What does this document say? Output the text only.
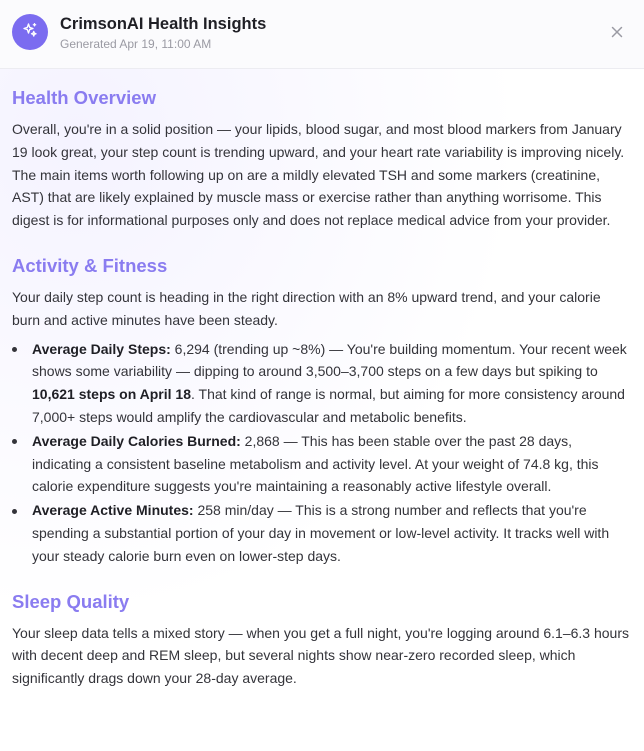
CrimsonAI Health Insights
Generated Apr 19, 11:00 AM
Health Overview

Overall, you're in a solid position — your lipids, blood sugar, and most blood markers from January 19 look great, your step count is trending upward, and your heart rate variability is improving nicely. The main items worth following up on are a mildly elevated TSH and some markers (creatinine, AST) that are likely explained by muscle mass or exercise rather than anything worrisome. This digest is for informational purposes only and does not replace medical advice from your provider.

Activity & Fitness

Your daily step count is heading in the right direction with an 8% upward trend, and your calorie burn and active minutes have been steady.

Average Daily Steps: 6,294 (trending up ~8%) — You're building momentum. Your recent week shows some variability — dipping to around 3,500–3,700 steps on a few days but spiking to 10,621 steps on April 18. That kind of range is normal, but aiming for more consistency around 7,000+ steps would amplify the cardiovascular and metabolic benefits.
Average Daily Calories Burned: 2,868 — This has been stable over the past 28 days, indicating a consistent baseline metabolism and activity level. At your weight of 74.8 kg, this calorie expenditure suggests you're maintaining a reasonably active lifestyle overall.
Average Active Minutes: 258 min/day — This is a strong number and reflects that you're spending a substantial portion of your day in movement or low-level activity. It tracks well with your steady calorie burn even on lower-step days.
Sleep Quality

Your sleep data tells a mixed story — when you get a full night, you're logging around 6.1–6.3 hours with decent deep and REM sleep, but several nights show near-zero recorded sleep, which significantly drags down your 28-day average.
